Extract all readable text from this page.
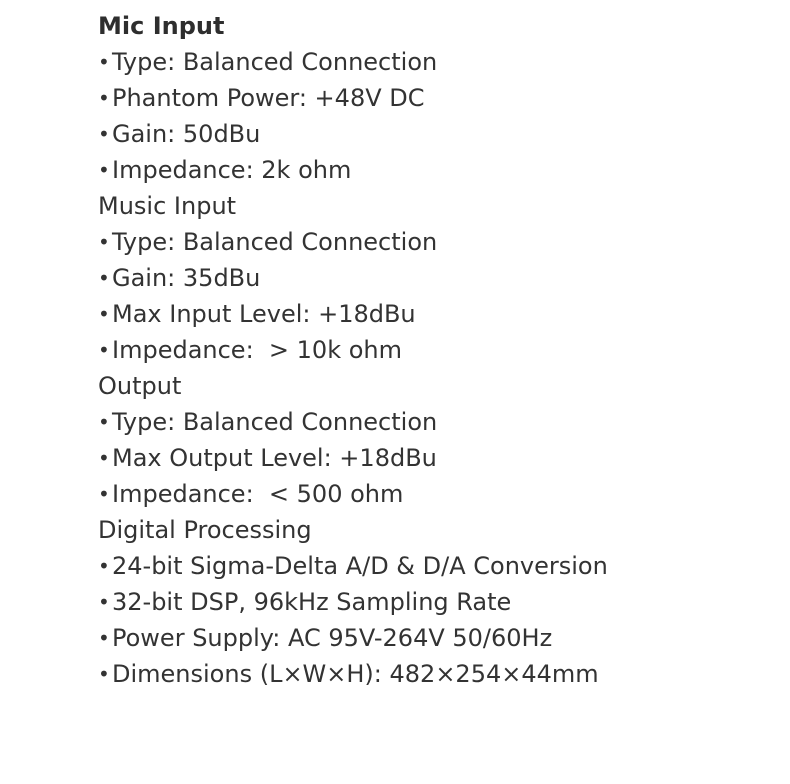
Mic Input
• Type: Balanced Connection
• Phantom Power: +48V DC
• Gain: 50dBu
• Impedance: 2k ohm
Music Input
• Type: Balanced Connection
• Gain: 35dBu
• Max Input Level: +18dBu
• Impedance:  > 10k ohm
Output
• Type: Balanced Connection
• Max Output Level: +18dBu
• Impedance:  < 500 ohm
Digital Processing
• 24-bit Sigma-Delta A/D & D/A Conversion
• 32-bit DSP, 96kHz Sampling Rate
• Power Supply: AC 95V-264V 50/60Hz
• Dimensions (L×W×H): 482×254×44mm
